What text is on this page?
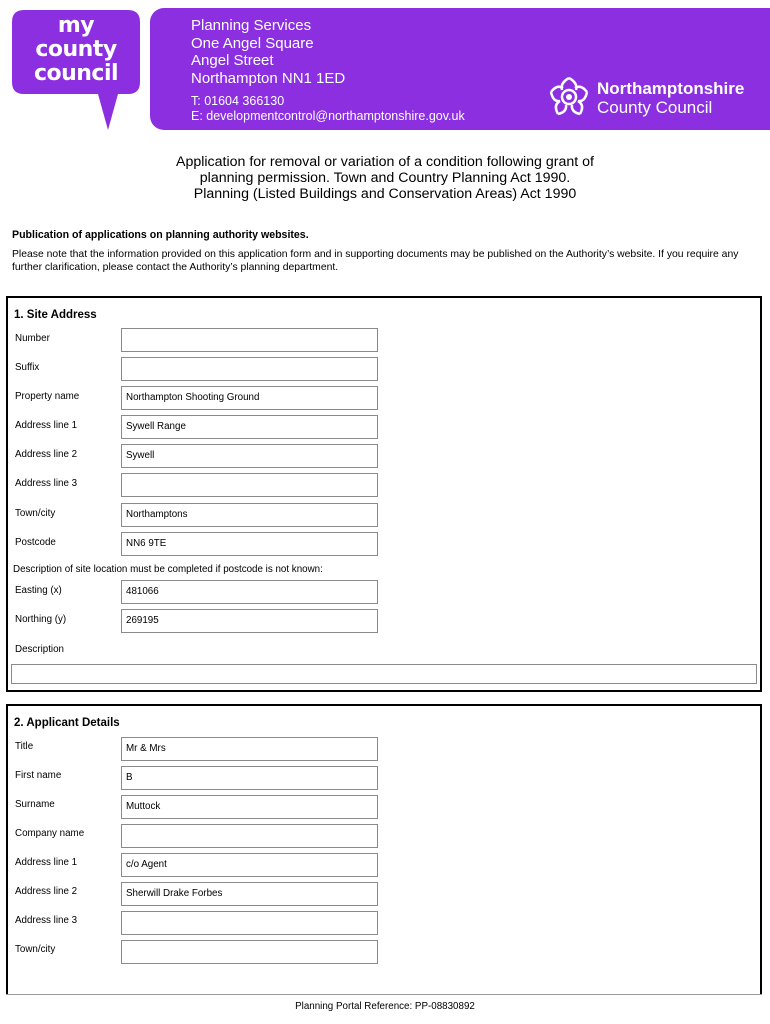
my
county
council
Planning Services
One Angel Square
Angel Street
Northampton NN1 1ED
T: 01604 366130
E: developmentcontrol@northamptonshire.gov.uk
Northamptonshire
County Council
Application for removal or variation of a condition following grant of
planning permission. Town and Country Planning Act 1990.
Planning (Listed Buildings and Conservation Areas) Act 1990
Publication of applications on planning authority websites.
Please note that the information provided on this application form and in supporting documents may be published on the Authority’s website. If you require any further clarification, please contact the Authority’s planning department.
1. Site Address
Number
Suffix
Property name	Northampton Shooting Ground
Address line 1	Sywell Range
Address line 2	Sywell
Address line 3
Town/city	Northamptons
Postcode	NN6 9TE
Description of site location must be completed if postcode is not known:
Easting (x)	481066
Northing (y)	269195
Description
2. Applicant Details
Title	Mr & Mrs
First name	B
Surname	Muttock
Company name
Address line 1	c/o Agent
Address line 2	Sherwill Drake Forbes
Address line 3
Town/city
Planning Portal Reference: PP-08830892
